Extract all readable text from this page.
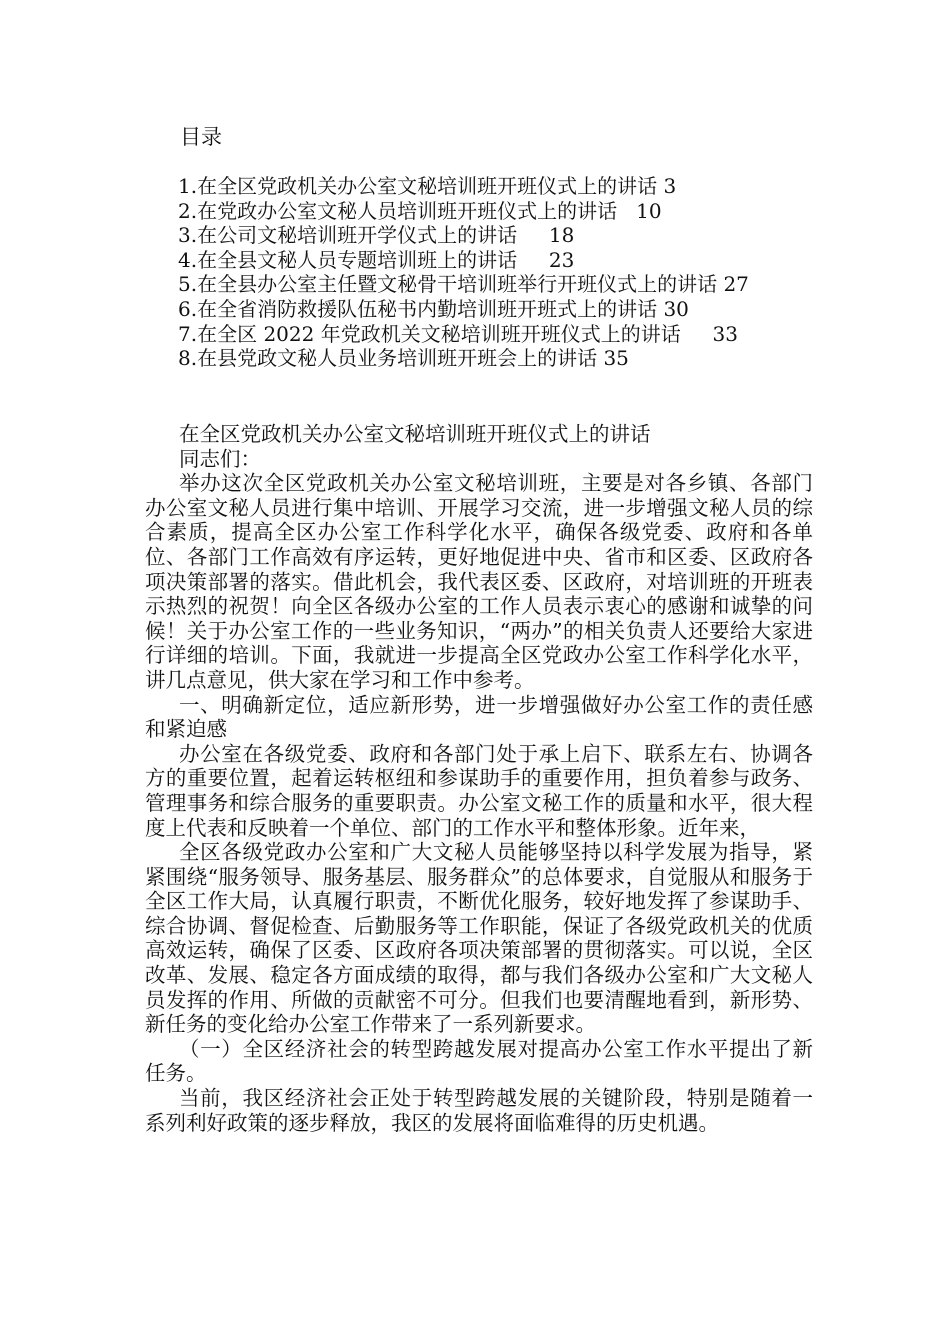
目录
1.在全区党政机关办公室文秘培训班开班仪式上的讲话 3
2.在党政办公室文秘人员培训班开班仪式上的讲话   10
3.在公司文秘培训班开学仪式上的讲话     18
4.在全县文秘人员专题培训班上的讲话     23
5.在全县办公室主任暨文秘骨干培训班举行开班仪式上的讲话 27
6.在全省消防救援队伍秘书内勤培训班开班式上的讲话 30
7.在全区 2022 年党政机关文秘培训班开班仪式上的讲话     33
8.在县党政文秘人员业务培训班开班会上的讲话 35

在全区党政机关办公室文秘培训班开班仪式上的讲话

同志们：

举办这次全区党政机关办公室文秘培训班，主要是对各乡镇、各部门办公室文秘人员进行集中培训、开展学习交流，进一步增强文秘人员的综合素质，提高全区办公室工作科学化水平，确保各级党委、政府和各单位、各部门工作高效有序运转，更好地促进中央、省市和区委、区政府各项决策部署的落实。借此机会，我代表区委、区政府，对培训班的开班表示热烈的祝贺！向全区各级办公室的工作人员表示衷心的感谢和诚挚的问候！关于办公室工作的一些业务知识，“两办”的相关负责人还要给大家进行详细的培训。下面，我就进一步提高全区党政办公室工作科学化水平，讲几点意见，供大家在学习和工作中参考。

一、明确新定位，适应新形势，进一步增强做好办公室工作的责任感和紧迫感

办公室在各级党委、政府和各部门处于承上启下、联系左右、协调各方的重要位置，起着运转枢纽和参谋助手的重要作用，担负着参与政务、管理事务和综合服务的重要职责。办公室文秘工作的质量和水平，很大程度上代表和反映着一个单位、部门的工作水平和整体形象。近年来，

全区各级党政办公室和广大文秘人员能够坚持以科学发展为指导，紧紧围绕“服务领导、服务基层、服务群众”的总体要求，自觉服从和服务于全区工作大局，认真履行职责，不断优化服务，较好地发挥了参谋助手、综合协调、督促检查、后勤服务等工作职能，保证了各级党政机关的优质高效运转，确保了区委、区政府各项决策部署的贯彻落实。可以说，全区改革、发展、稳定各方面成绩的取得，都与我们各级办公室和广大文秘人员发挥的作用、所做的贡献密不可分。但我们也要清醒地看到，新形势、新任务的变化给办公室工作带来了一系列新要求。

（一）全区经济社会的转型跨越发展对提高办公室工作水平提出了新任务。

当前，我区经济社会正处于转型跨越发展的关键阶段，特别是随着一系列利好政策的逐步释放，我区的发展将面临难得的历史机遇。
